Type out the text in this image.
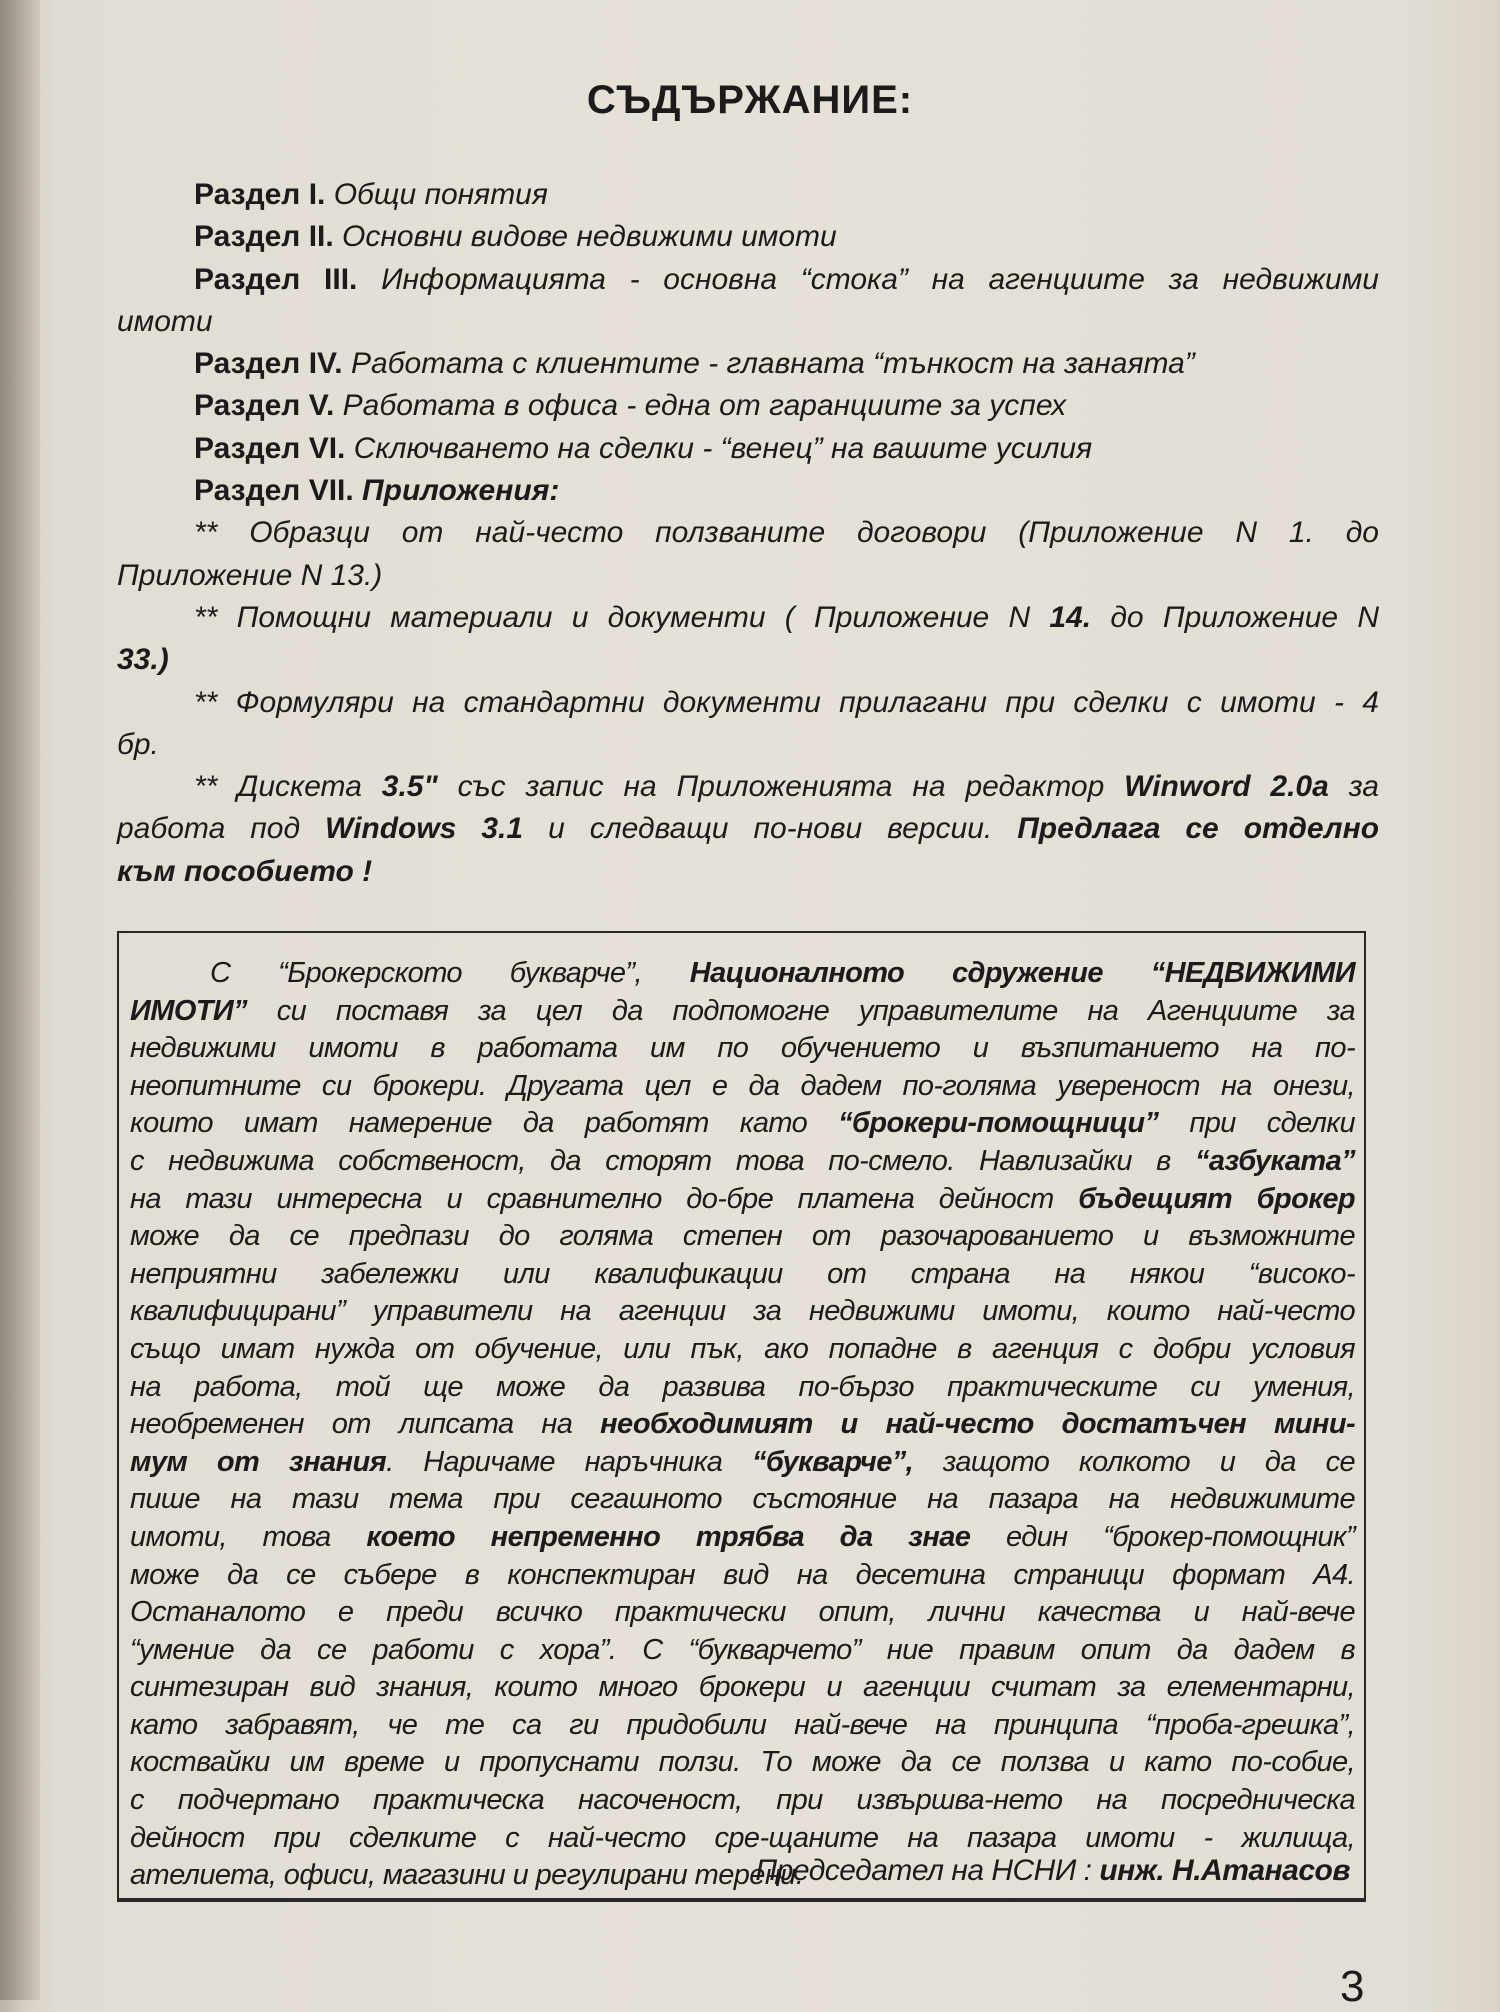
СЪДЪРЖАНИЕ:
Раздел I. Общи понятия
Раздел II. Основни видове недвижими имоти
Раздел III. Информацията - основна “стока” на агенциите за недвижими
имоти
Раздел IV. Работата с клиентите - главната “тънкост на занаята”
Раздел V. Работата в офиса - една от гаранциите за успех
Раздел VI. Сключването на сделки - “венец” на вашите усилия
Раздел VII. Приложения:
** Образци от най-често ползваните договори (Приложение N 1. до
Приложение N 13.)
** Помощни материали и документи ( Приложение N 14. до Приложение N
33.)
** Формуляри на стандартни документи прилагани при сделки с имоти - 4
бр.
** Дискета 3.5" със запис на Приложенията на редактор Winword 2.0a за
работа под Windows 3.1 и следващи по-нови версии. Предлага се отделно
към пособието !
С “Брокерското букварче”, Националното сдружение “НЕДВИЖИМИ
ИМОТИ” си поставя за цел да подпомогне управителите на Агенциите за
недвижими имоти в работата им по обучението и възпитанието на по-
неопитните си брокери. Другата цел е да дадем по-голяма увереност на онези,
които имат намерение да работят като “брокери-помощници” при сделки
с недвижима собственост, да сторят това по-смело. Навлизайки в “азбуката”
на тази интересна и сравнително до-бре платена дейност бъдещият брокер
може да се предпази до голяма степен от разочарованието и възможните
неприятни забележки или квалификации от страна на някои “високо-
квалифицирани” управители на агенции за недвижими имоти, които най-често
също имат нужда от обучение, или пък, ако попадне в агенция с добри условия
на работа, той ще може да развива по-бързо практическите си умения,
необременен от липсата на необходимият и най-често достатъчен мини-
мум от знания. Наричаме наръчника “букварче”, защото колкото и да се
пише на тази тема при сегашното състояние на пазара на недвижимите
имоти, това което непременно трябва да знае един “брокер-помощник”
може да се събере в конспектиран вид на десетина страници формат А4.
Останалото е преди всичко практически опит, лични качества и най-вече
“умение да се работи с хора”. С “букварчето” ние правим опит да дадем в
синтезиран вид знания, които много брокери и агенции считат за елементарни,
като забравят, че те са ги придобили най-вече на принципа “проба-грешка”,
коствайки им време и пропуснати ползи. То може да се ползва и като по-собие,
с подчертано практическа насоченост, при извършва-нето на посредническа
дейност при сделките с най-често сре-щаните на пазара имоти - жилища,
ателиета, офиси, магазини и регулирани терени.
Председател на НСНИ : инж. Н.Атанасов
3
